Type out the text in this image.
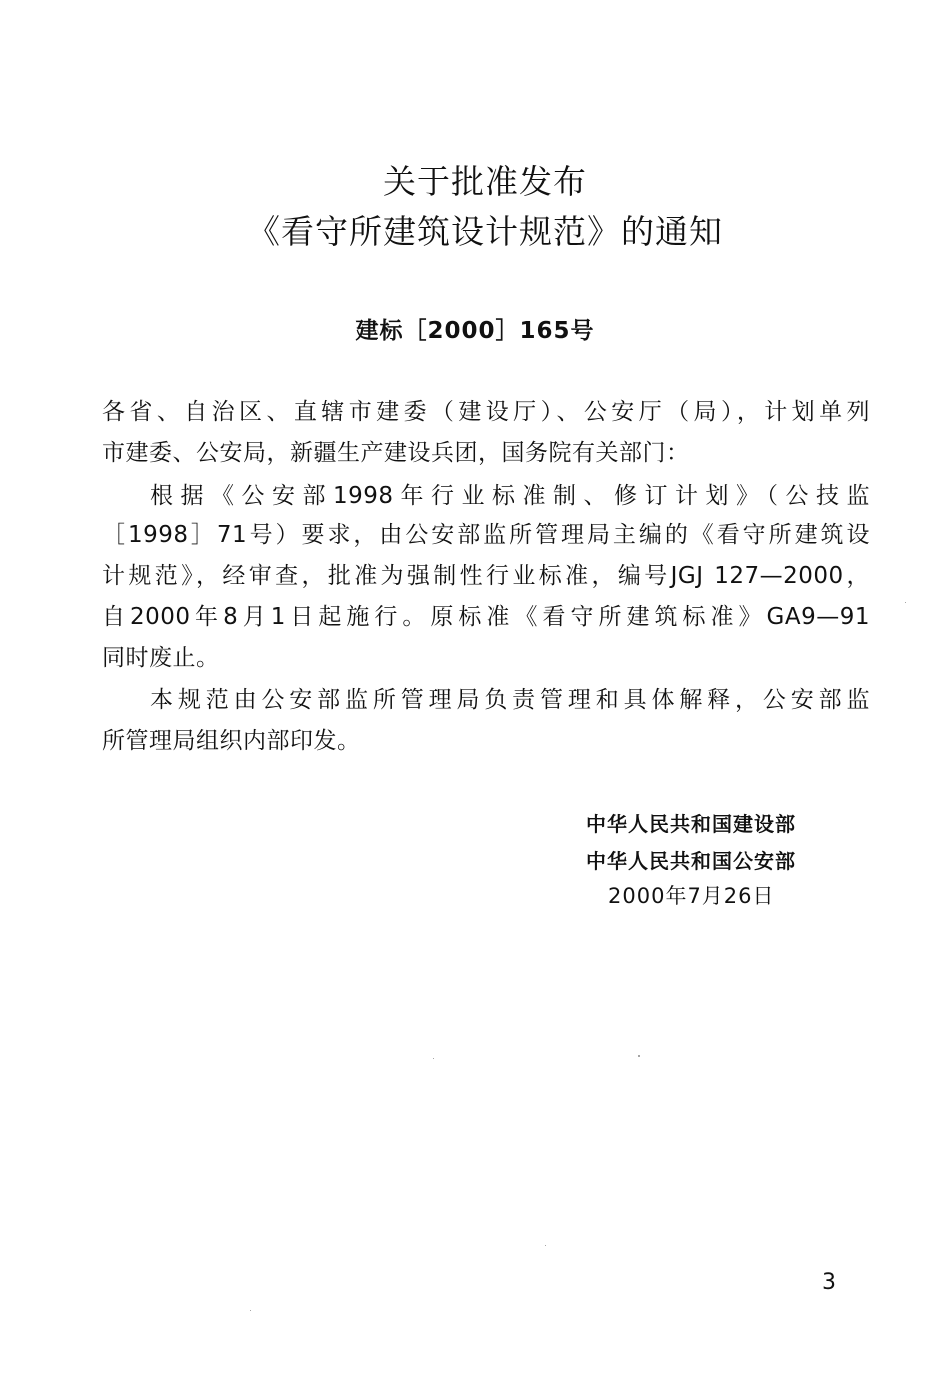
关于批准发布
《看守所建筑设计规范》的通知
建标［2000］165号
各省、自治区、直辖市建委（建设厅）、公安厅（局），计划单列
市建委、公安局，新疆生产建设兵团，国务院有关部门：
根据《公安部1998年行业标准制、修订计划》（公技监
［1998］71号）要求，由公安部监所管理局主编的《看守所建筑设
计规范》，经审查，批准为强制性行业标准，编号JGJ 127—2000，
自2000年8月1日起施行。原标准《看守所建筑标准》GA9—91
同时废止。
本规范由公安部监所管理局负责管理和具体解释，公安部监
所管理局组织内部印发。
中华人民共和国建设部
中华人民共和国公安部
2000年7月26日
3
